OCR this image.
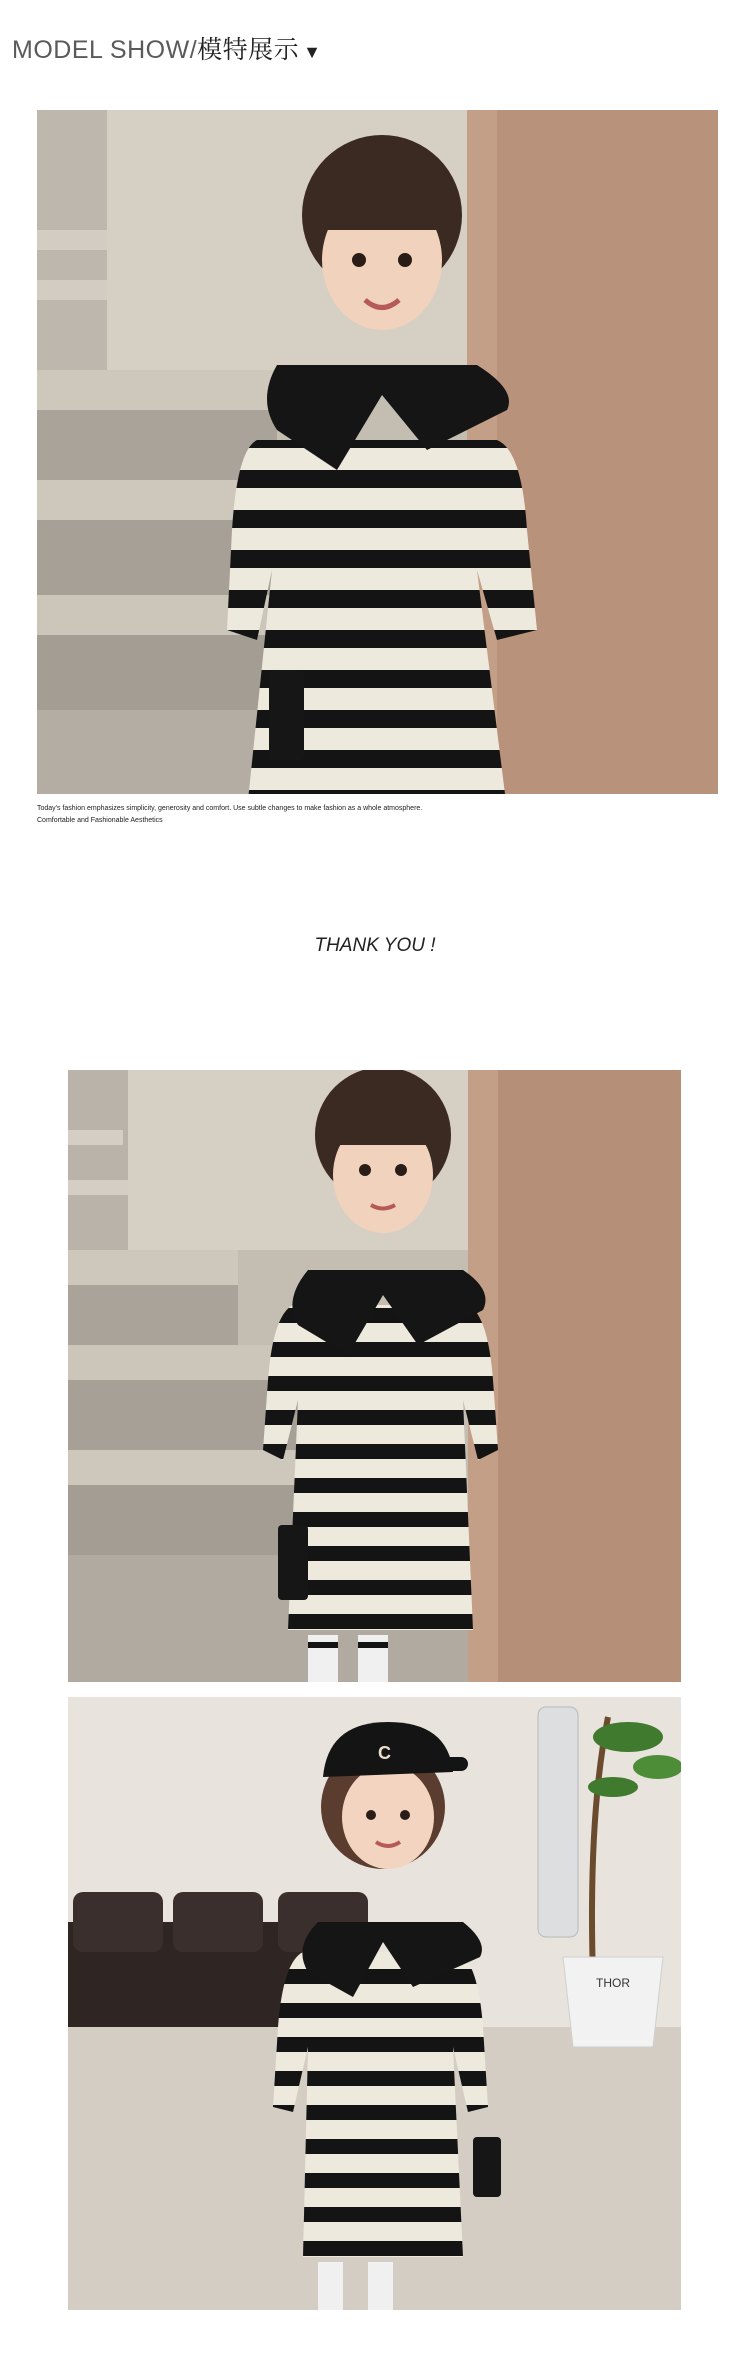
MODEL SHOW/模特展示 ▼
Today's fashion emphasizes simplicity, generosity and comfort. Use subtle changes to make fashion as a whole atmosphere.
Comfortable and Fashionable Aesthetics
THANK YOU !
THOR
C
